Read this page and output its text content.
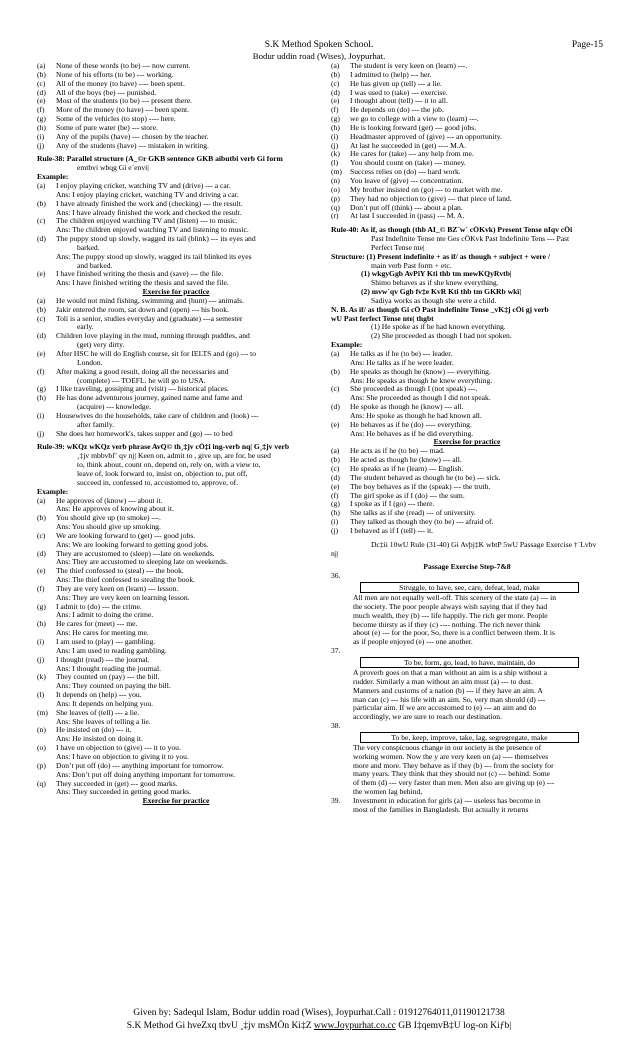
S.K Method Spoken School.	Page-15
Bodur uddin road (Wises), Joypurhat.
(a)	None of these words (to be) --- now current.
(b)	None of his efforts (to be) --- working.
(c)	All of the money (to have) ---- been spent.
(d)	All of the boys (be) --- punished.
(e)	Most of the students (to be) --- present there.
(f)	More of the money (to have) --- been spent.
(g)	Some of the vehicles (to stop) ---- here.
(h)	Some of pure water (be) --- store.
(i)	Any of the pupils (have) --- chosen by the teacher.
(j)	Any of the students (have) --- mistaken in writing.
Rule-38: Parallel structure (A_©r GKB sentence GKB aibutbi verb Gi form
emtbvi wbqg Gi e¨envi|
Example:
(a)	I enjoy playing cricket, watching TV and (drive) --- a car.
Ans: I enjoy playing cricket, watching TV and driving a car.
(b)	I have already finished the work and (checking) --- the result.
Ans: I have already finished the work and checked the result.
(c)	The children enjoyed watching TV and (listen) --- to music.
Ans: The children enjoyed watching TV and listening to music.
(d)	The puppy stood up slowly, wagged its tail (blink) --- its eyes and
barked.
Ans: The puppy stood up slowly, wagged its tail blinked its eyes
and barked.
(e)	I have finished writing the thesis and (save) --- the file.
Ans: I have finished writing the thesis and saved the file.
Exercise for practice
(a)	He would not mind fishing, swimming and (hunt) --- animals.
(b)	Jakir entered the room, sat down and (open) --- his book.
(c)	Toli is a senior, studies everyday and (graduate) ---a semester
early.
(d)	Children love playing in the mud, running through puddles, and
(get) very dirty.
(e)	After HSC he will do English course, sit for IELTS and (go) --- to
London.
(f)	After making a good result, doing all the necessaries and
(complete) --- TOEFL. he will go to USA.
(g)	I like traveling, gossiping and (visit) --- historical places.
(h)	He has done adventurous journey, gained name and fame and
(acquire) --- knowledge.
(i)	Housewives do the households, take care of children and (look) ---
after family.
(j)	She does her homework's, takes supper and (go) --- to bed
Rule-39: wKQz wKQz verb phrase AvQ© th¸‡jv cÖ‡i ing-verb nq| G¸‡jv verb
¸‡jv mbbvbf¨ qv nj| Keen on, admit to , give up, are for, be used
to, think about, count on, depend on, rely on, with a view to,
leave of, look forward to, insist on, objection to, put off,
succeed in, confessed to, accustomed to, approve, of.
Example:
(a)	He approves of (know) --- about it.
Ans: He approves of knowing about it.
(b)	You should give up (to smoke) ---.
Ans: You should give up smoking.
(c)	We are looking forward to (get) --- good jobs.
Ans: We are looking forward to getting good jobs.
(d)	They are accustomed to (sleep) ---late on weekends.
Ans: They are accustomed to sleeping late on weekends.
(e)	The thief confessed to (steal) --- the book.
Ans: The thief confessed to stealing the book.
(f)	They are very keen on (learn) --- lesson.
Ans: They are very keen on learning lesson.
(g)	I admit to (do) --- the crime.
Ans: I admit to doing the crime.
(h)	He cares for (meet) --- me.
Ans: He cares for meeting me.
(i)	I am used to (play) --- gambling.
Ans: I am used to reading gambling.
(j)	I thought (read) --- the journal.
Ans: I thought reading the journal.
(k)	They counted on (pay) --- the bill.
Ans: They counted on paying the bill.
(l)	It depends on (help) --- you.
Ans: It depends on helping you.
(m)	She leaves of (tell) --- a lie.
Ans: She leaves of telling a lie.
(n)	He insisted on (do) --- it.
Ans: He insisted on doing it.
(o)	I have on objection to (give) --- it to you.
Ans: I have on objection to giving it to you.
(p)	Don’t put off (do) --- anything important for tomorrow.
Ans: Don’t put off doing anything important for tomorrow.
(q)	They succeeded in (get) --- good marks.
Ans: They succeeded in getting good marks.
Exercise for practice
(a)	The student is very keen on (learn) ---.
(b)	I admitted to (help) --- her.
(c)	He has given up (tell) --- a lie.
(d)	I was used to (take) --- exercise.
(e)	I thought about (tell) --- it to all.
(f)	He depends on (do) --- the job.
(g)	we go to college with a view to (learn) ---.
(h)	He is looking forward (get) --- good jobs.
(i)	Headmaster approved of (give) --- an opportunity.
(j)	At last he succeeded in (get) ---- M.A.
(k)	He cares for (take) --- any help from me.
(l)	You should count on (take) --- money.
(m)	Success relies on (do) --- hard work.
(n)	You leave of (give) --- concentration.
(o)	My brother insisted on (go) --- to market with me.
(p)	They had no objection to (give) --- that piece of land.
(q)	Don’t put off (think) --- about a plan.
(r)	At last I succeeded in (pass) --- M. A.
Rule-40: As if, as though (thb AI_© BZ¨w` cÖKvk) Present Tense nIqv cÖi
Past Indefinite Tense nte Ges cÖKvk Past Indefinite Tens --- Past
Perfect Tense nte|
Structure: (1) Present indefinite + as if/ as though + subject + were /
main verb Past form + etc.
(1) wkgyGgb AvPiY Kti thb tm mewKQyRvtb|
Shimo behaves as if she knew everything.
(2) mvw`qv Ggb fv‡e KvR Kti thb tm GKRb wkï|
Sadiya works as though she were a child.
N. B. As if/ as though Gi cÖ Past indefinite Tense _vK‡j cÖi gj verb
wU Past ferfect Tense nte| thgbt
(1) He spoke as if he had known everything.
(2) She proceeded as though I had not spoken.
Example:
(a)	He talks as if he (to be) --- leader.
Ans: He talks as if he were leader.
(b)	He speaks as though he (know) --- everything.
Ans: He speaks as though he knew everything.
(c)	She proceeded as though I (not speak) ---.
Ans: She proceeded as though I did not speak.
(d)	He spoke as though he (know) --- all.
Ans: He spoke as though he had known all.
(e)	He behaves as if he (do) ---- everything.
Ans: He behaves as if he did everything.
Exercise for practice
(a)	He acts as if he (to be) --- mad.
(b)	He acted as though he (know) --- all.
(c)	He speaks as if he (learn) --- English.
(d)	The student behaved as though he (to be) --- sick.
(e)	The boy behaves as if the (speak) --- the truth.
(f)	The girl spoke as if I (do) --- the sum.
(g)	I spoke as if I (go) --- there.
(h)	She talks as if she (read) --- of university.
(i)	They talked as though they (to be) --- afraid of.
(j)	I behaved as if I (tell) --- it.
Dc‡ii 10wU Rule (31-40) Gi Avþj‡K wbtP 5wU Passage Exercise †`Lvbv
nj|
Passage Exercise Step-7&8
36.
Struggle, to have, see, care, defeat, lead, make
All men are not equally well-off. This scenery of the state (a) --- in
the society. The poor people always wish saying that if they had
much wealth, they (b) --- life happily. The rich get more. People
become thirsty as if they (c) ---- nothing. The rich never think
about (e) --- for the poor, So, there is a conflict between them. It is
as if people enjoyed (e) --- one another.
37.
To be, form, go, lead, to have, maintain, do
A proverb goes on that a man without an aim is a ship without a
rudder. Similarly a man without an aim must (a) --- to dust.
Manners and customs of a nation (b) --- if they have an aim. A
man can (c) --- his life with an aim. So, very man should (d) ---
particular aim. If we are accustomed to (e) --- an aim and do
accordingly, we are sure to reach our destination.
38.
To be, keep, improve, take, lag, segregregate, make
The very conspicuous change in our society is the presence of
working women. Now the y are very keen on (a) ---- themselves
more and more. They behave as if they (b) --- from the society for
many years. They think that they should not (c) --- behind. Some
of them (d) --- very faster than men. Men also are giving up (e) ---
the women lag behind,
39.	Investment in education for girls (a) --- useless has become in
most of the families in Bangladesh. But actually it returns
Given by: Sadequl Islam, Bodur uddin road (Wises), Joypurhat.Call : 01912764011,01190121738
S.K Method Gi hveZxq tbvU ¸‡jv msMÖn Ki‡Z www.Joypurhat.co.cc GB I‡qemvB‡U log-on Kiƒb|
